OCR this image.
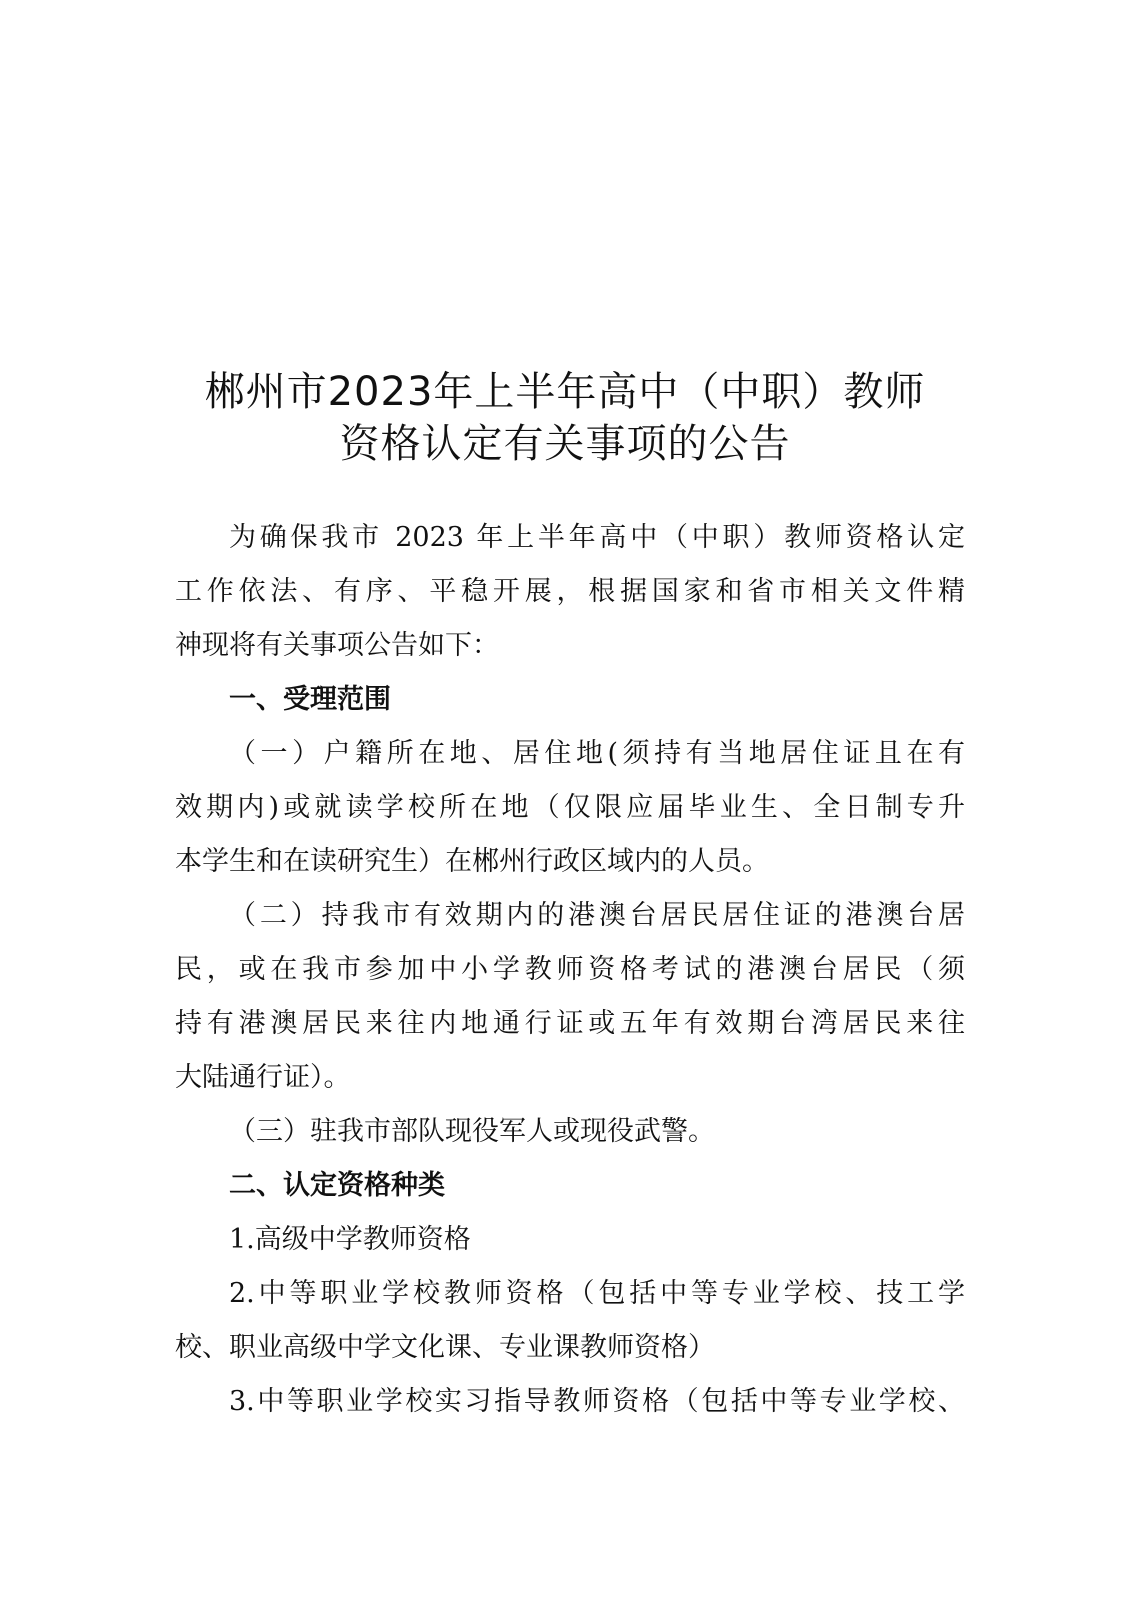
郴州市2023年上半年高中（中职）教师
资格认定有关事项的公告

为确保我市 2023 年上半年高中（中职）教师资格认定

工作依法、有序、平稳开展，根据国家和省市相关文件精

神现将有关事项公告如下：

一、受理范围

（一）户籍所在地、居住地(须持有当地居住证且在有

效期内)或就读学校所在地（仅限应届毕业生、全日制专升

本学生和在读研究生）在郴州行政区域内的人员。

（二）持我市有效期内的港澳台居民居住证的港澳台居

民，或在我市参加中小学教师资格考试的港澳台居民（须

持有港澳居民来往内地通行证或五年有效期台湾居民来往

大陆通行证）。

（三）驻我市部队现役军人或现役武警。

二、认定资格种类

1.高级中学教师资格

2.中等职业学校教师资格（包括中等专业学校、技工学

校、职业高级中学文化课、专业课教师资格）

3.中等职业学校实习指导教师资格（包括中等专业学校、
